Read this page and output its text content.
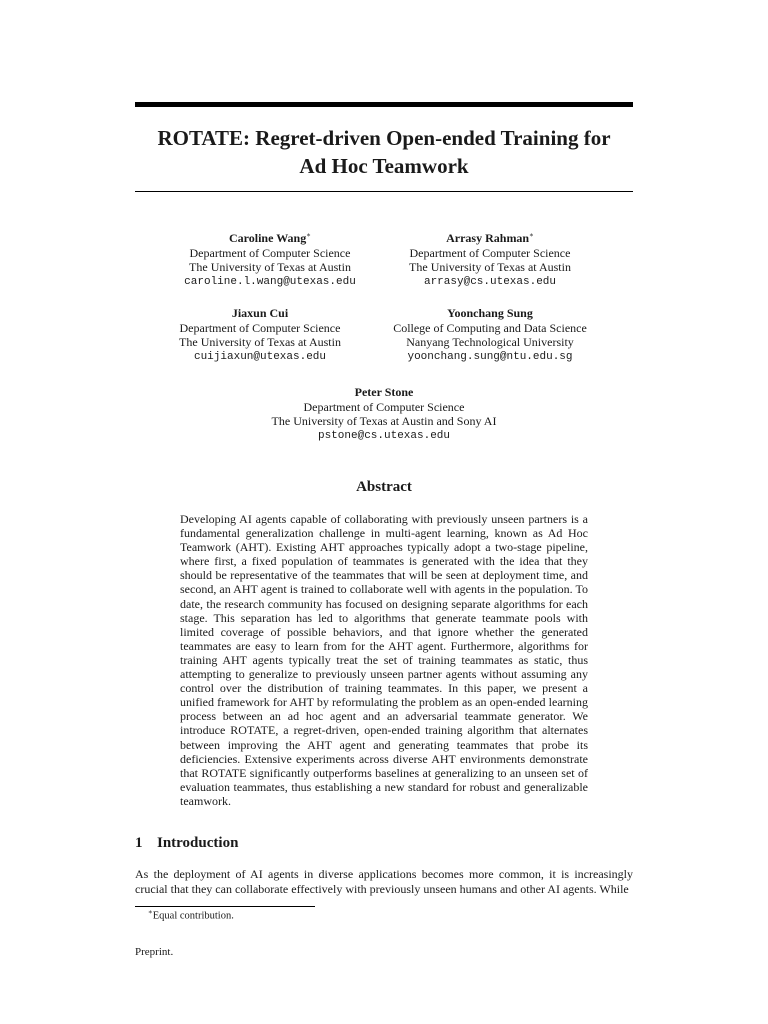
ROTATE: Regret-driven Open-ended Training for
Ad Hoc Teamwork
Caroline Wang∗
Department of Computer Science
The University of Texas at Austin
caroline.l.wang@utexas.edu
Arrasy Rahman∗
Department of Computer Science
The University of Texas at Austin
arrasy@cs.utexas.edu
Jiaxun Cui
Department of Computer Science
The University of Texas at Austin
cuijiaxun@utexas.edu
Yoonchang Sung
College of Computing and Data Science
Nanyang Technological University
yoonchang.sung@ntu.edu.sg
Peter Stone
Department of Computer Science
The University of Texas at Austin and Sony AI
pstone@cs.utexas.edu
Abstract

Developing AI agents capable of collaborating with previously unseen partners is a fundamental generalization challenge in multi-agent learning, known as Ad Hoc Teamwork (AHT). Existing AHT approaches typically adopt a two-stage pipeline, where first, a fixed population of teammates is generated with the idea that they should be representative of the teammates that will be seen at deployment time, and second, an AHT agent is trained to collaborate well with agents in the population. To date, the research community has focused on designing separate algorithms for each stage. This separation has led to algorithms that generate teammate pools with limited coverage of possible behaviors, and that ignore whether the generated teammates are easy to learn from for the AHT agent. Furthermore, algorithms for training AHT agents typically treat the set of training teammates as static, thus attempting to generalize to previously unseen partner agents without assuming any control over the distribution of training teammates. In this paper, we present a unified framework for AHT by reformulating the problem as an open-ended learning process between an ad hoc agent and an adversarial teammate generator. We introduce ROTATE, a regret-driven, open-ended training algorithm that alternates between improving the AHT agent and generating teammates that probe its deficiencies. Extensive experiments across diverse AHT environments demonstrate that ROTATE significantly outperforms baselines at generalizing to an unseen set of evaluation teammates, thus establishing a new standard for robust and generalizable teamwork.

1 Introduction

As the deployment of AI agents in diverse applications becomes more common, it is increasingly crucial that they can collaborate effectively with previously unseen humans and other AI agents. While

∗Equal contribution.
Preprint.
